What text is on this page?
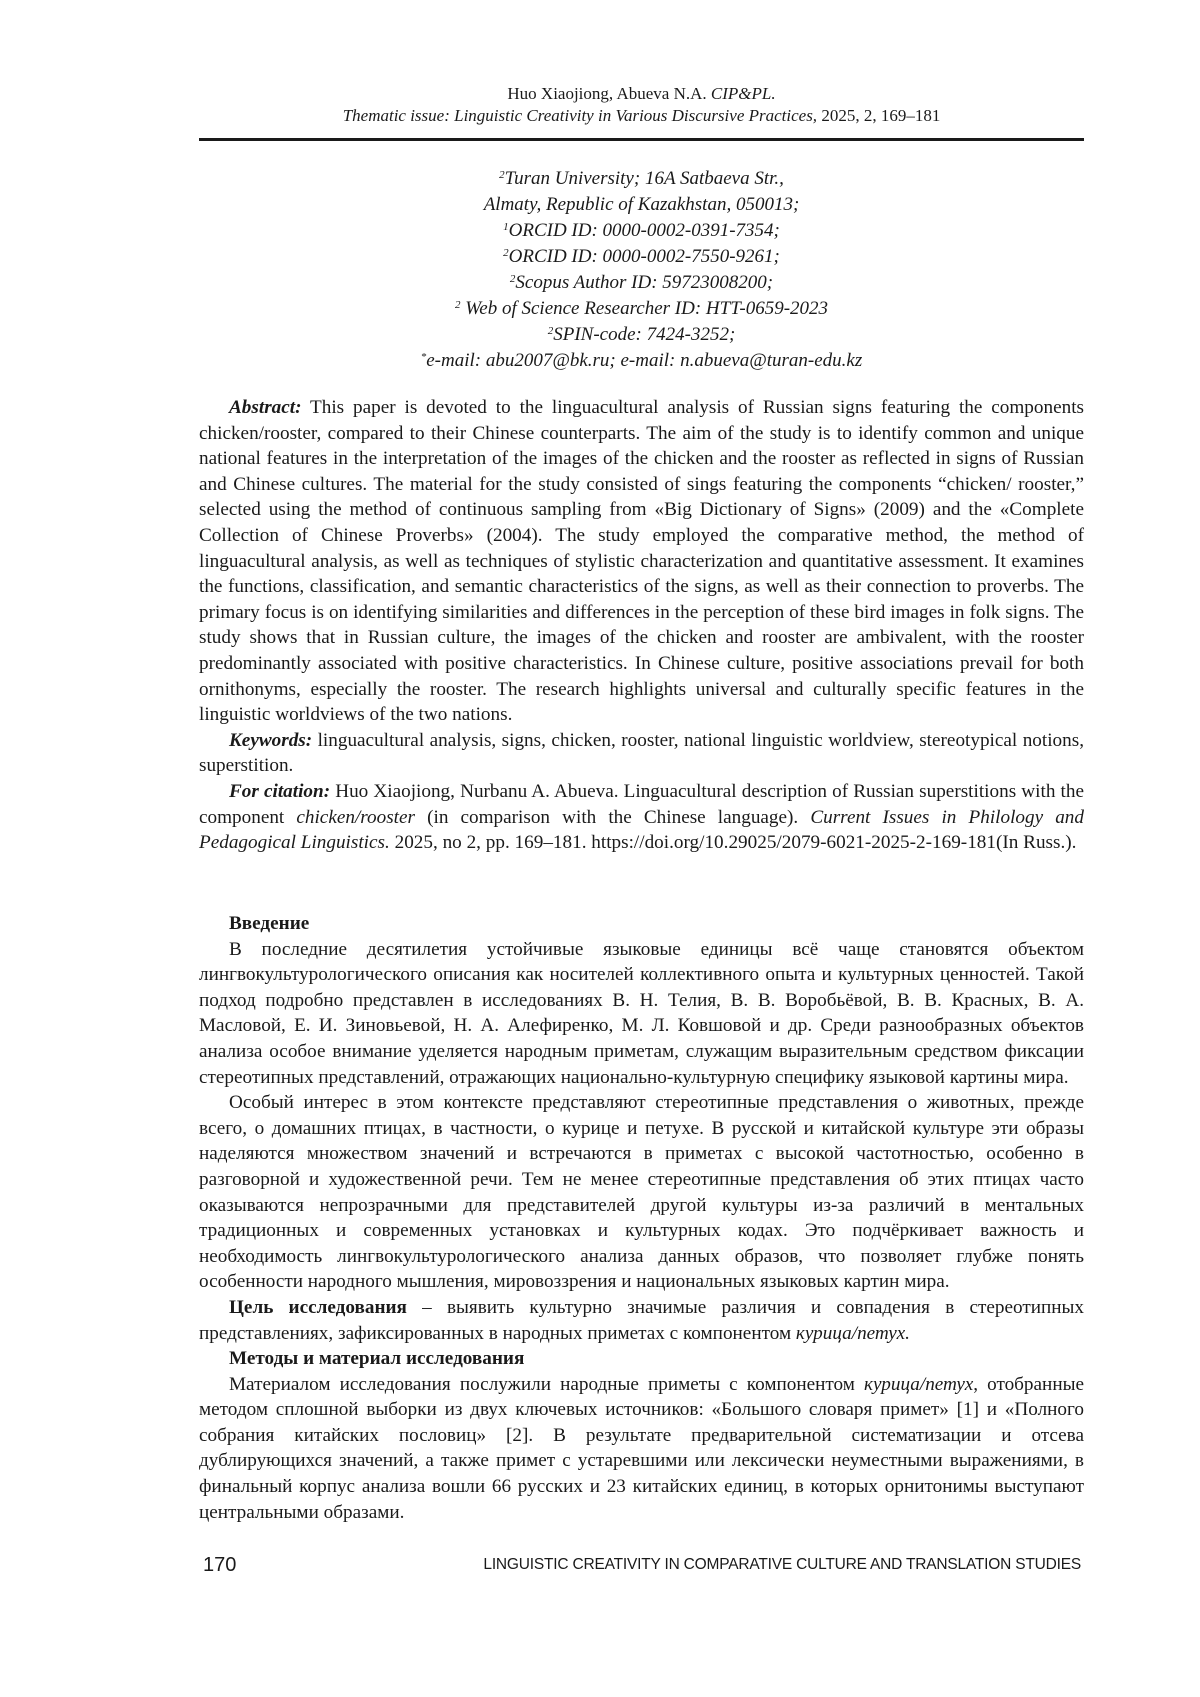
Huo Xiaojiong, Abueva N.A. CIP&PL.
Thematic issue: Linguistic Creativity in Various Discursive Practices, 2025, 2, 169–181
$^2$Turan University; 16A Satbaeva Str.,
Almaty, Republic of Kazakhstan, 050013;
$^1$ORCID ID: 0000-0002-0391-7354;
$^2$ORCID ID: 0000-0002-7550-9261;
$^2$Scopus Author ID: 59723008200;
$^2$ Web of Science Researcher ID: HTT-0659-2023
$^2$SPIN-code: 7424-3252;
*e-mail: abu2007@bk.ru; e-mail: n.abueva@turan-edu.kz

Abstract: This paper is devoted to the linguacultural analysis of Russian signs featuring the components chicken/rooster, compared to their Chinese counterparts. The aim of the study is to identify common and unique national features in the interpretation of the images of the chicken and the rooster as reflected in signs of Russian and Chinese cultures. The material for the study consisted of sings featuring the components “chicken/ rooster,” selected using the method of continuous sampling from «Big Dictionary of Signs» (2009) and the «Complete Collection of Chinese Proverbs» (2004). The study employed the comparative method, the method of linguacultural analysis, as well as techniques of stylistic characterization and quantitative assessment. It examines the functions, classification, and semantic characteristics of the signs, as well as their connection to proverbs. The primary focus is on identifying similarities and differences in the perception of these bird images in folk signs. The study shows that in Russian culture, the images of the chicken and rooster are ambivalent, with the rooster predominantly associated with positive characteristics. In Chinese culture, positive associations prevail for both ornithonyms, especially the rooster. The research highlights universal and culturally specific features in the linguistic worldviews of the two nations.

Keywords: linguacultural analysis, signs, chicken, rooster, national linguistic worldview, stereotypical notions, superstition.

For citation: Huo Xiaojiong, Nurbanu A. Abueva. Linguacultural description of Russian superstitions with the component chicken/rooster (in comparison with the Chinese language). Current Issues in Philology and Pedagogical Linguistics. 2025, no 2, pp. 169–181. https://doi.org/10.29025/2079-6021-2025-2-169-181(In Russ.).

Введение

В последние десятилетия устойчивые языковые единицы всё чаще становятся объектом лингвокультурологического описания как носителей коллективного опыта и культурных ценностей. Такой подход подробно представлен в исследованиях В. Н. Телия, В. В. Воробьёвой, В. В. Красных, В. А. Масловой, Е. И. Зиновьевой, Н. А. Алефиренко, М. Л. Ковшовой и др. Среди разнообразных объектов анализа особое внимание уделяется народным приметам, служащим выразительным средством фиксации стереотипных представлений, отражающих национально-культурную специфику языковой картины мира.

Особый интерес в этом контексте представляют стереотипные представления о животных, прежде всего, о домашних птицах, в частности, о курице и петухе. В русской и китайской культуре эти образы наделяются множеством значений и встречаются в приметах с высокой частотностью, особенно в разговорной и художественной речи. Тем не менее стереотипные представления об этих птицах часто оказываются непрозрачными для представителей другой культуры из-за различий в ментальных традиционных и современных установках и культурных кодах. Это подчёркивает важность и необходимость лингвокультурологического анализа данных образов, что позволяет глубже понять особенности народного мышления, мировоззрения и национальных языковых картин мира.

Цель исследования – выявить культурно значимые различия и совпадения в стереотипных представлениях, зафиксированных в народных приметах с компонентом курица/петух.

Методы и материал исследования

Материалом исследования послужили народные приметы с компонентом курица/петух, отобранные методом сплошной выборки из двух ключевых источников: «Большого словаря примет» [1] и «Полного собрания китайских пословиц» [2]. В результате предварительной систематизации и отсева дублирующихся значений, а также примет с устаревшими или лексически неуместными выражениями, в финальный корпус анализа вошли 66 русских и 23 китайских единиц, в которых орнитонимы выступают центральными образами.

170	LINGUISTIC CREATIVITY IN COMPARATIVE CULTURE AND TRANSLATION STUDIES
